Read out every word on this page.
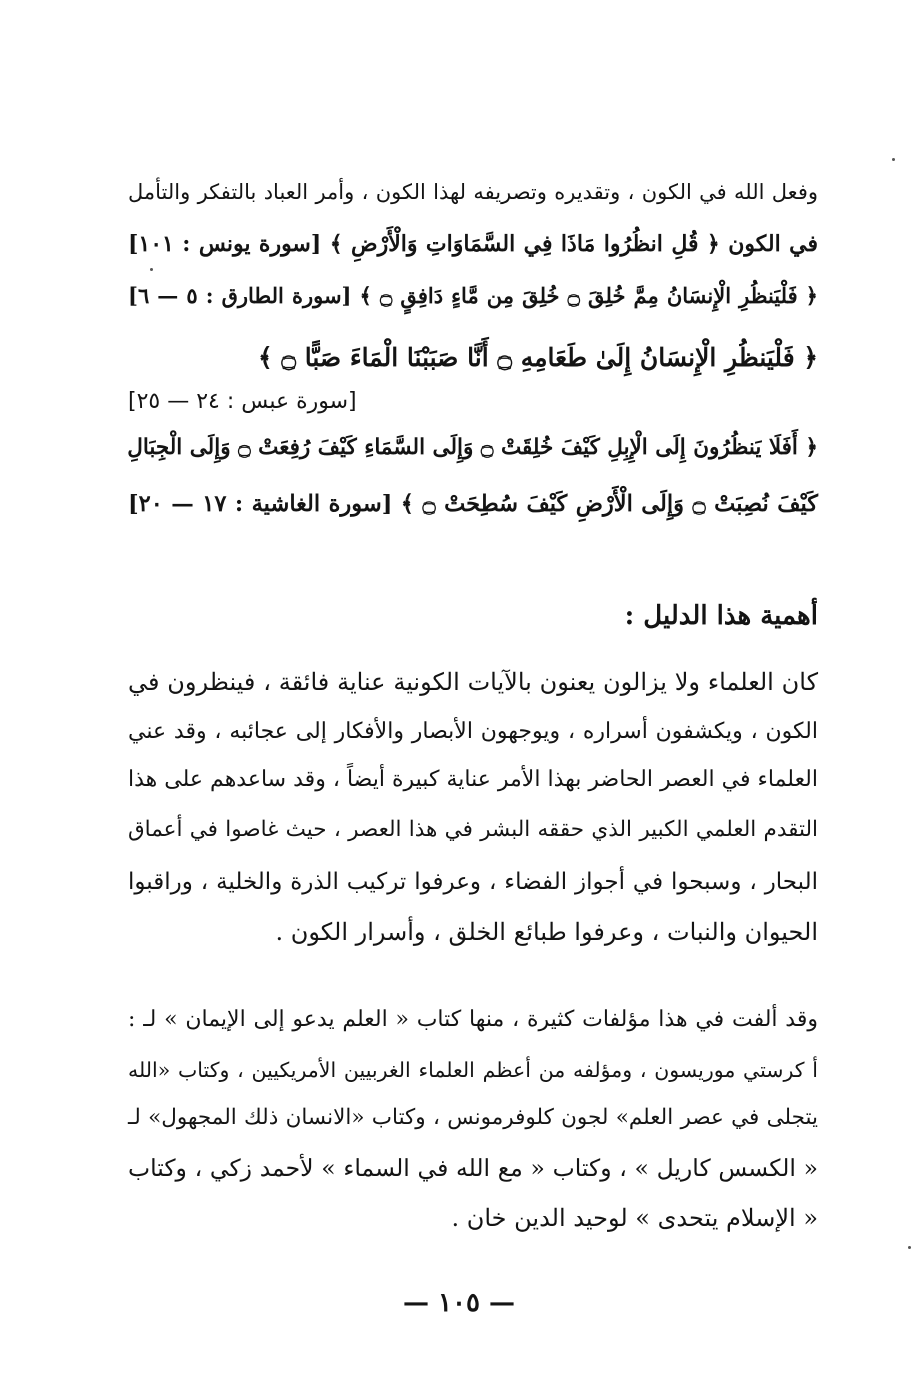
وفعل الله في الكون ، وتقديره وتصريفه لهذا الكون ، وأمر العباد بالتفكر والتأمل
في الكون ﴿ قُلِ انظُرُوا مَاذَا فِي السَّمَاوَاتِ وَالْأَرْضِ ﴾ [سورة يونس : ١٠١]
﴿ فَلْيَنظُرِ الْإِنسَانُ مِمَّ خُلِقَ ۝ خُلِقَ مِن مَّاءٍ دَافِقٍ ۝ ﴾ [سورة الطارق : ٥ — ٦]
﴿ فَلْيَنظُرِ الْإِنسَانُ إِلَىٰ طَعَامِهِ ۝ أَنَّا صَبَبْنَا الْمَاءَ صَبًّا ۝ ﴾
[سورة عبس : ٢٤ — ٢٥]
﴿ أَفَلَا يَنظُرُونَ إِلَى الْإِبِلِ كَيْفَ خُلِقَتْ ۝ وَإِلَى السَّمَاءِ كَيْفَ رُفِعَتْ ۝ وَإِلَى الْجِبَالِ
كَيْفَ نُصِبَتْ ۝ وَإِلَى الْأَرْضِ كَيْفَ سُطِحَتْ ۝ ﴾ [سورة الغاشية : ١٧ — ٢٠]
أهمية هذا الدليل :
كان العلماء ولا يزالون يعنون بالآيات الكونية عناية فائقة ، فينظرون في
الكون ، ويكشفون أسراره ، ويوجهون الأبصار والأفكار إلى عجائبه ، وقد عني
العلماء في العصر الحاضر بهذا الأمر عناية كبيرة أيضاً ، وقد ساعدهم على هذا
التقدم العلمي الكبير الذي حققه البشر في هذا العصر ، حيث غاصوا في أعماق
البحار ، وسبحوا في أجواز الفضاء ، وعرفوا تركيب الذرة والخلية ، وراقبوا
الحيوان والنبات ، وعرفوا طبائع الخلق ، وأسرار الكون .
وقد ألفت في هذا مؤلفات كثيرة ، منها كتاب « العلم يدعو إلى الإيمان » لـ :
أ كرستي موريسون ، ومؤلفه من أعظم العلماء الغربيين الأمريكيين ، وكتاب «الله
يتجلى في عصر العلم» لجون كلوفرمونس ، وكتاب «الانسان ذلك المجهول» لـ
« الكسس كاريل » ، وكتاب « مع الله في السماء » لأحمد زكي ، وكتاب
« الإسلام يتحدى » لوحيد الدين خان .
— ١٠٥ —
